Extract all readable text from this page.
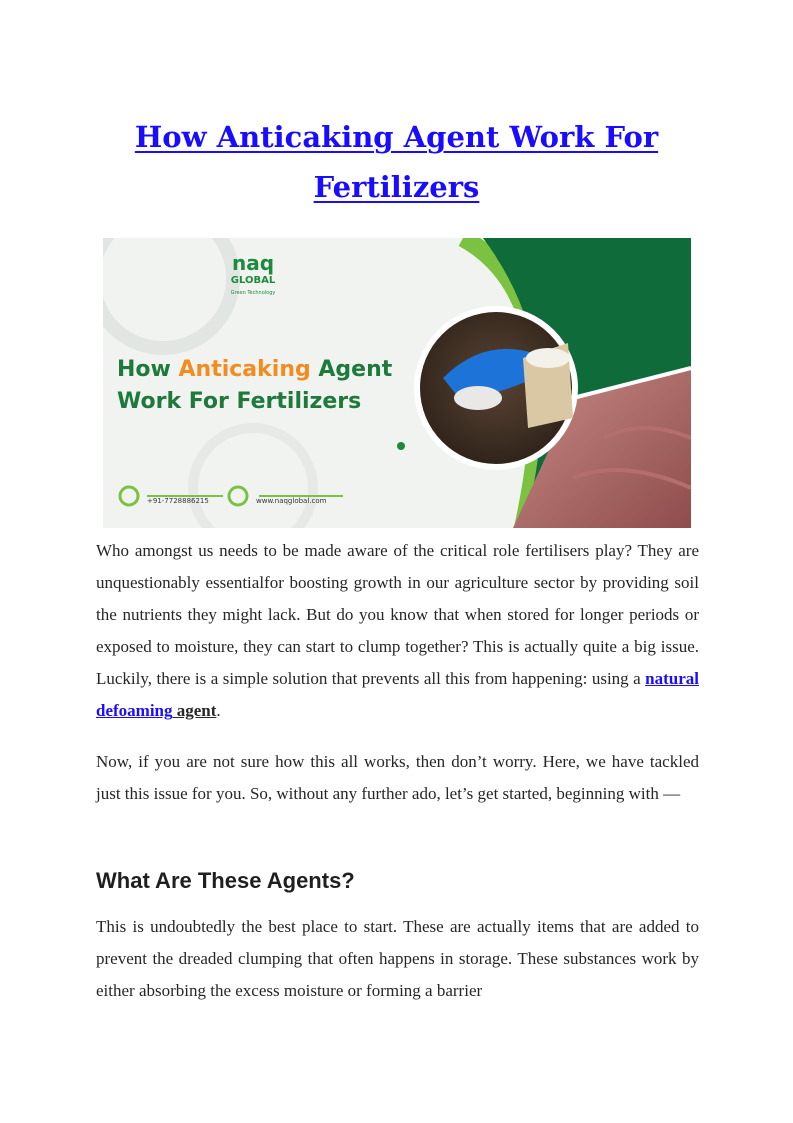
How Anticaking Agent Work For
Fertilizers
naq
GLOBAL
Green Technology
How Anticaking Agent
Work For Fertilizers
+91-7728886215	www.naqglobal.com

Who amongst us needs to be made aware of the critical role fertilisers play? They are unquestionably essentialfor boosting growth in our agriculture sector by providing soil the nutrients they might lack. But do you know that when stored for longer periods or exposed to moisture, they can start to clump together? This is actually quite a big issue. Luckily, there is a simple solution that prevents all this from happening: using a natural defoaming agent.

Now, if you are not sure how this all works, then don’t worry. Here, we have tackled just this issue for you. So, without any further ado, let’s get started, beginning with —

What Are These Agents?

This is undoubtedly the best place to start. These are actually items that are added to prevent the dreaded clumping that often happens in storage. These substances work by either absorbing the excess moisture or forming a barrier
